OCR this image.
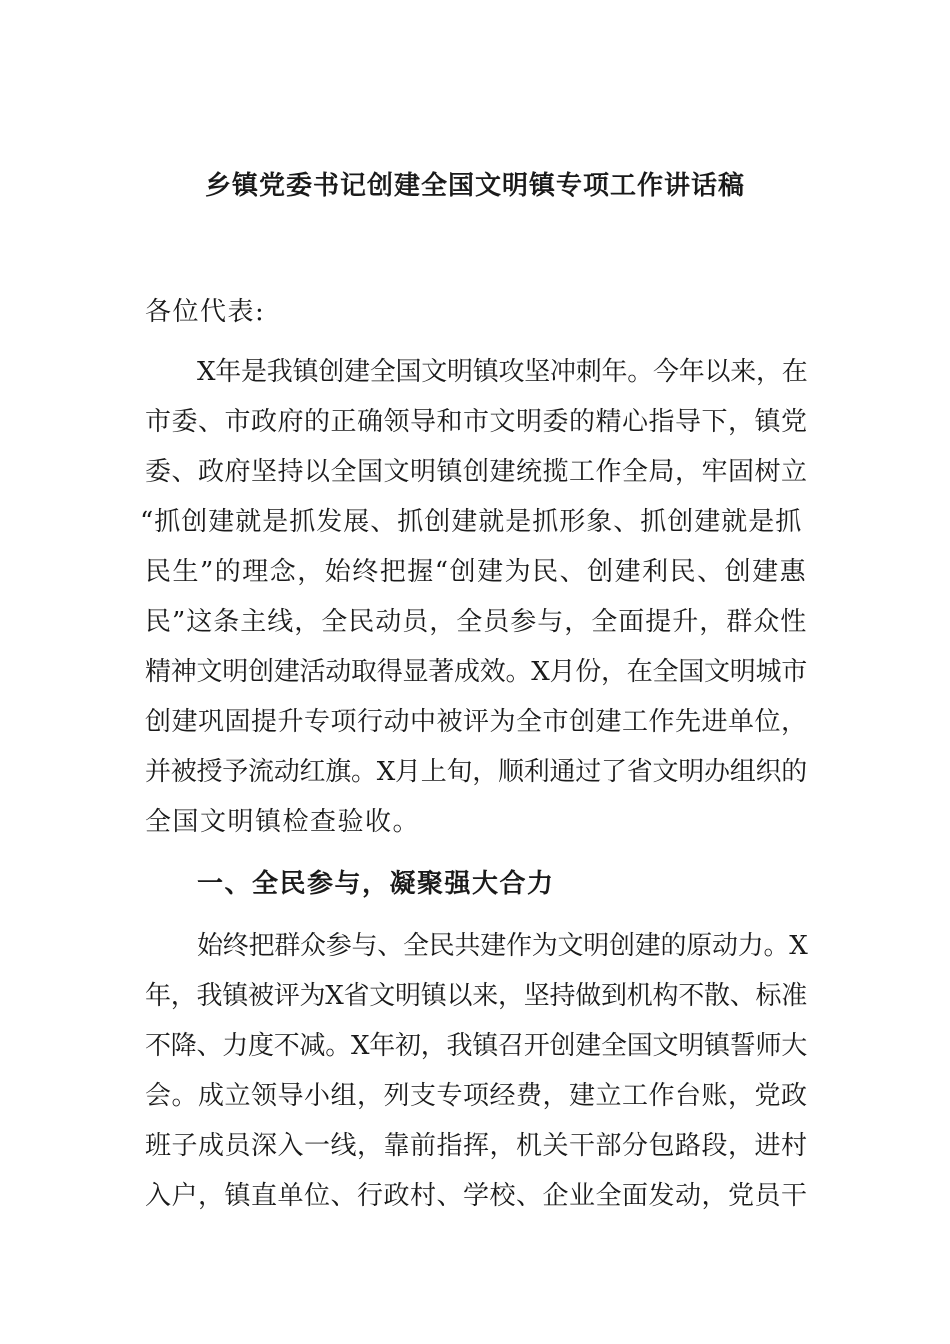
乡镇党委书记创建全国文明镇专项工作讲话稿
各位代表:
X年是我镇创建全国文明镇攻坚冲刺年。今年以来，在
市委、市政府的正确领导和市文明委的精心指导下，镇党
委、政府坚持以全国文明镇创建统揽工作全局，牢固树立
“抓创建就是抓发展、抓创建就是抓形象、抓创建就是抓
民生”的理念，始终把握“创建为民、创建利民、创建惠
民”这条主线，全民动员，全员参与，全面提升，群众性
精神文明创建活动取得显著成效。X月份，在全国文明城市
创建巩固提升专项行动中被评为全市创建工作先进单位，
并被授予流动红旗。X月上旬，顺利通过了省文明办组织的
全国文明镇检查验收。
一、全民参与，凝聚强大合力
始终把群众参与、全民共建作为文明创建的原动力。X
年，我镇被评为X省文明镇以来，坚持做到机构不散、标准
不降、力度不减。X年初，我镇召开创建全国文明镇誓师大
会。成立领导小组，列支专项经费，建立工作台账，党政
班子成员深入一线，靠前指挥，机关干部分包路段，进村
入户，镇直单位、行政村、学校、企业全面发动，党员干
